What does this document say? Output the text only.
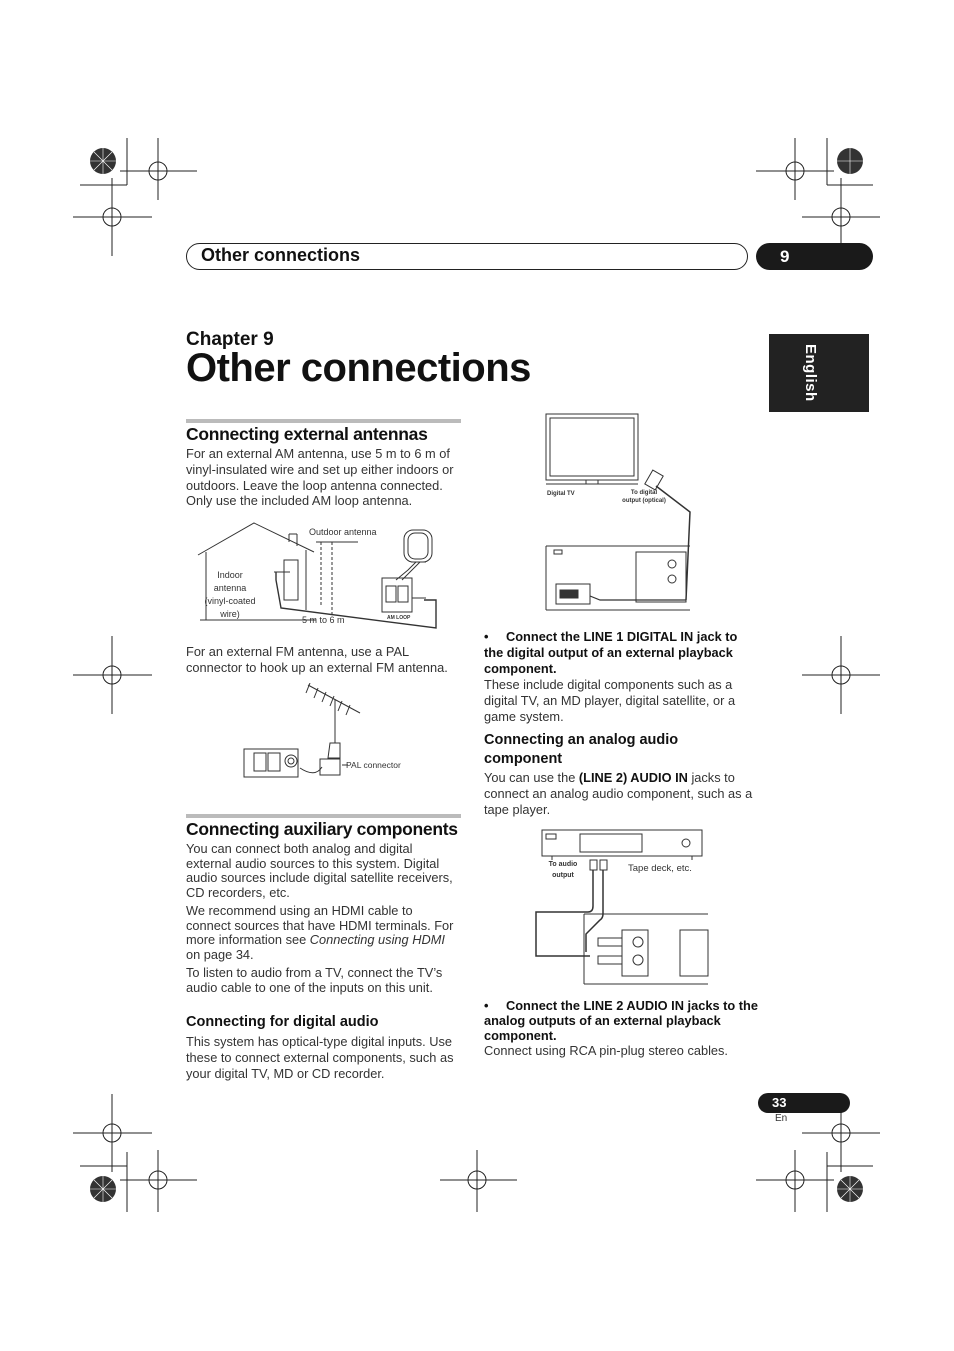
Other connections	9
English
Chapter 9
Other connections
Connecting external antennas
For an external AM antenna, use 5 m to 6 m of vinyl-insulated wire and set up either indoors or outdoors. Leave the loop antenna connected. Only use the included AM loop antenna.
Outdoor antenna
Indoor
antenna
(vinyl-coated
wire)
5 m to 6 m	AM LOOP
For an external FM antenna, use a PAL connector to hook up an external FM antenna.
PAL connector
Connecting auxiliary components
You can connect both analog and digital external audio sources to this system. Digital audio sources include digital satellite receivers, CD recorders, etc.
We recommend using an HDMI cable to connect sources that have HDMI terminals. For more information see Connecting using HDMI on page 34.
To listen to audio from a TV, connect the TV’s audio cable to one of the inputs on this unit.
Connecting for digital audio
This system has optical-type digital inputs. Use these to connect external components, such as your digital TV, MD or CD recorder.
Digital TV	To digital
output (optical)
• Connect the LINE 1 DIGITAL IN jack to the digital output of an external playback component.
These include digital components such as a digital TV, an MD player, digital satellite, or a game system.
Connecting an analog audio component
You can use the (LINE 2) AUDIO IN jacks to connect an analog audio component, such as a tape player.
To audio
output
Tape deck, etc.
• Connect the LINE 2 AUDIO IN jacks to the analog outputs of an external playback component.
Connect using RCA pin-plug stereo cables.
33
En
